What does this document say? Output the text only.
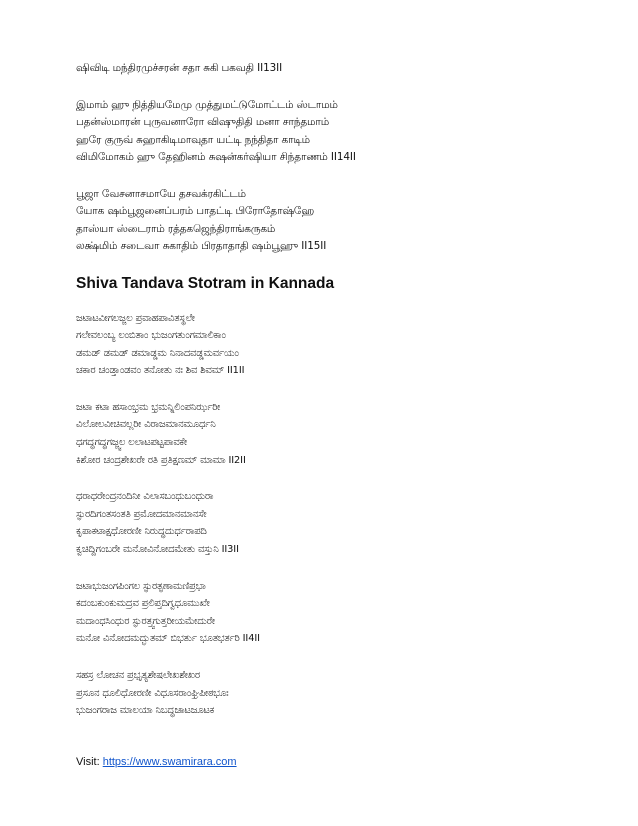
ஷிவிடி மந்திரமுச்சரன் சதா சுகி பகவதி II13II
இமாம் ஹு நித்தியமேமு முத்துமட்டுமோட்டம் ஸ்டாமம்
பதன்ஸ்மாரன் புருவனாரோ விஷுதிதி மனா சாந்தமாம்
ஹரே குருவ் சுஹாகிடிமாவுதா யட்டி நந்திதா காடிம்
விமிமோகம் ஹு தேஹினம் சுஷன்கர்ஷியா சிந்தாணம் II14II
பூஜா வேசனாசமாயே தசவக்ரகிட்டம்
யோக ஷம்பூஜனைப்பரம் பாதட்டி பிரோதோஷ்ஹே
தாஸ்யா ஸ்டைராம் ரத்தகஜெந்திராங்கருகம்
லக்ஷ்மிம் சடைவா சுகாதிம் பிரதாதாதி ஷம்பூஹு II15II
Shiva Tandava Stotram in Kannada
ಜಟಾಟವೀಗಲಜ್ಜಲ ಪ್ರವಾಹಪಾವಿತಸ್ಥಲೇ
ಗಲೇವಲಂಬ್ಯ ಲಂಬಿತಾಂ ಭುಜಂಗತುಂಗಮಾಲಿಕಾಂ
ಡಮಡ್ ಡಮಡ್ ಡಮಾಡ್ಡಮ ನಿನಾದವಡ್ಡಮರ್ವಯಂ
ಚಕಾರ ಚಂಡ್ತಾಂಡವಂ ತನೋತು ನಃ ಶಿವ ಶಿವಮ್ II1II
ಜಟಾ ಕಟಾ ಹಸಾಂಭ್ರಮ ಭ್ರಮನ್ನಿಲಿಂಪನಿರ್ಝರೀ
ವಿಲೋಲವೀಚಿವಲ್ಲರೀ ವಿರಾಜಮಾನಮೂರ್ಧನಿ
ಧಗದ್ಧಗದ್ಧಗಜ್ಜ್ವಲ ಲಲಾಟಪಟ್ಟಪಾವಕೇ
ಕಿಶೋರ ಚಂದ್ರಶೇಖರೇ ರತಿ ಪ್ರತಿಕ್ಷಣಮ್ ಮಾಮಾ II2II
ಧರಾಧರೇಂದ್ರನಂದಿನೀ ವಿಲಾಸಬಂಧುಬಂಧುರಾ
ಸ್ಫುರದಿಗಂತಸಂತತಿ ಪ್ರಮೋದಮಾನಮಾನಸೇ
ಕೃಪಾಕಟಾಕ್ಷಧೋರಣೀ ನಿರುದ್ಧದುರ್ಧರಾಪದಿ
ಕ್ವಚಿದ್ದಿಗಂಬರೇ ಮನೋವಿನೋದಮೇತು ವಸ್ತುನಿ II3II
ಜಟಾಭುಜಂಗಪಿಂಗಲ ಸ್ಫುರತ್ಫಣಾಮಣಿಪ್ರಭಾ
ಕದಂಬಕುಂಕುಮದ್ರವ ಪ್ರಲಿಪ್ತದಿಗ್ವಧೂಮುಖೇ
ಮದಾಂಧಸಿಂಧುರ ಸ್ಫುರತ್ತ್ವಗುತ್ತರೀಯಮೇದುರೇ
ಮನೋ ವಿನೋದಮದ್ಭುತಮ್ ಬಿಭರ್ತು ಭೂತಭರ್ತರಿ II4II
ಸಹಸ್ರ ಲೋಚನ ಪ್ರಭೃತ್ಯಶೇಷಲೇಖಶೇಖರ
ಪ್ರಸೂನ ಧೂಲಿಧೋರಣೀ ವಿಧೂಸರಾಂಘ್ರಿಪೀಠಭೂಃ
ಭುಜಂಗರಾಜ ಮಾಲಯಾ ನಿಬದ್ಧಜಾಟಜೂಟಕ
Visit: https://www.swamirara.com
